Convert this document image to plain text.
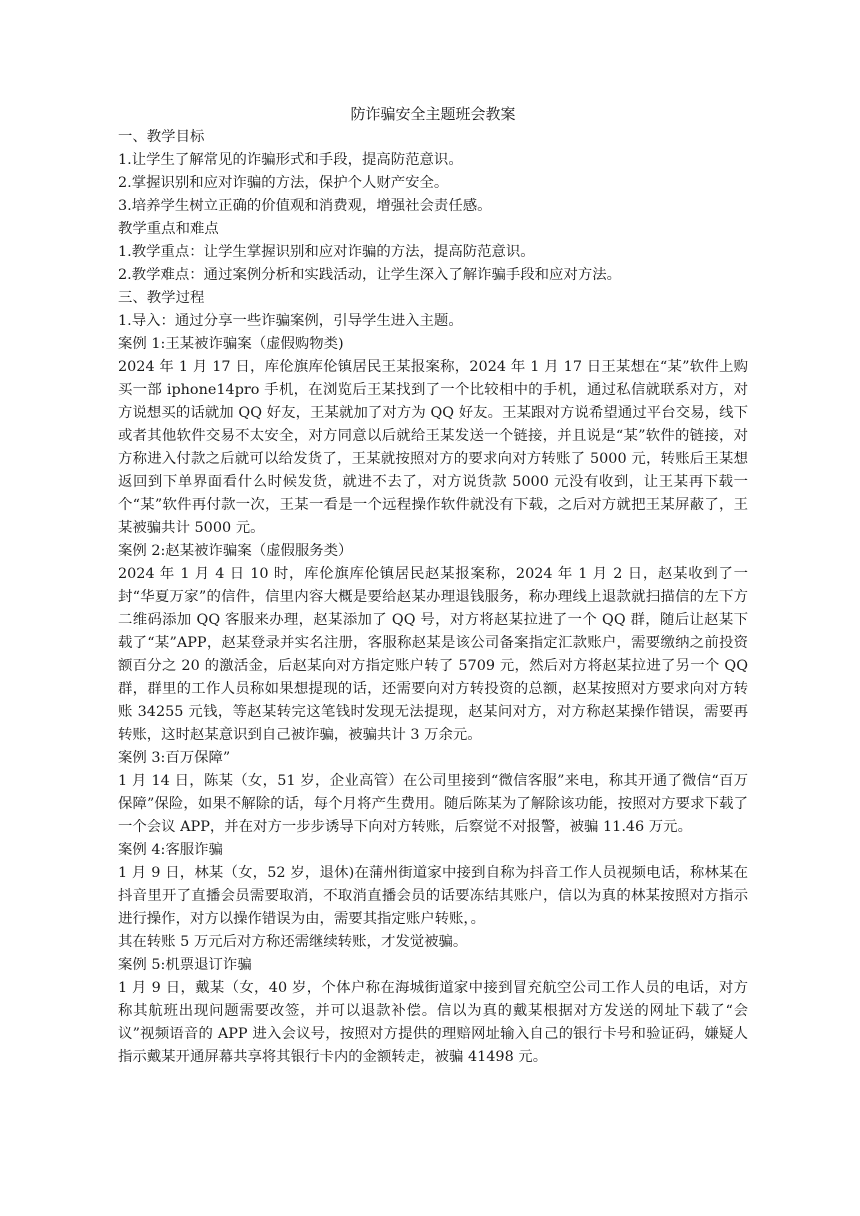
防诈骗安全主题班会教案

一、教学目标

1.让学生了解常见的诈骗形式和手段，提高防范意识。

2.掌握识别和应对诈骗的方法，保护个人财产安全。

3.培养学生树立正确的价值观和消费观，增强社会责任感。

教学重点和难点

1.教学重点：让学生掌握识别和应对诈骗的方法，提高防范意识。

2.教学难点：通过案例分析和实践活动，让学生深入了解诈骗手段和应对方法。

三、教学过程

1.导入：通过分享一些诈骗案例，引导学生进入主题。

案例 1:王某被诈骗案（虚假购物类)

2024 年 1 月 17 日，库伦旗库伦镇居民王某报案称，2024 年 1 月 17 日王某想在“某”软件上购买一部 iphone14pro 手机，在浏览后王某找到了一个比较相中的手机，通过私信就联系对方，对方说想买的话就加 QQ 好友，王某就加了对方为 QQ 好友。王某跟对方说希望通过平台交易，线下或者其他软件交易不太安全，对方同意以后就给王某发送一个链接，并且说是“某”软件的链接，对方称进入付款之后就可以给发货了，王某就按照对方的要求向对方转账了 5000 元，转账后王某想返回到下单界面看什么时候发货，就进不去了，对方说货款 5000 元没有收到，让王某再下载一个“某”软件再付款一次，王某一看是一个远程操作软件就没有下载，之后对方就把王某屏蔽了，王某被骗共计 5000 元。

案例 2:赵某被诈骗案（虚假服务类）

2024 年 1 月 4 日 10 时，库伦旗库伦镇居民赵某报案称，2024 年 1 月 2 日，赵某收到了一封“华夏万家”的信件，信里内容大概是要给赵某办理退钱服务，称办理线上退款就扫描信的左下方二维码添加 QQ 客服来办理，赵某添加了 QQ 号，对方将赵某拉进了一个 QQ 群，随后让赵某下载了“某”APP，赵某登录并实名注册，客服称赵某是该公司备案指定汇款账户，需要缴纳之前投资额百分之 20 的激活金，后赵某向对方指定账户转了 5709 元，然后对方将赵某拉进了另一个 QQ 群，群里的工作人员称如果想提现的话，还需要向对方转投资的总额，赵某按照对方要求向对方转账 34255 元钱，等赵某转完这笔钱时发现无法提现，赵某问对方，对方称赵某操作错误，需要再转账，这时赵某意识到自己被诈骗，被骗共计 3 万余元。

案例 3:百万保障”

1 月 14 日，陈某（女，51 岁，企业高管）在公司里接到“微信客服”来电，称其开通了微信“百万保障”保险，如果不解除的话，每个月将产生费用。随后陈某为了解除该功能，按照对方要求下载了一个会议 APP，并在对方一步步诱导下向对方转账，后察觉不对报警，被骗 11.46 万元。

案例 4:客服诈骗

1 月 9 日，林某（女，52 岁，退休)在蒲州街道家中接到自称为抖音工作人员视频电话，称林某在抖音里开了直播会员需要取消，不取消直播会员的话要冻结其账户，信以为真的林某按照对方指示进行操作，对方以操作错误为由，需要其指定账户转账，。

其在转账 5 万元后对方称还需继续转账，才发觉被骗。

案例 5:机票退订诈骗

1 月 9 日，戴某（女，40 岁，个体户称在海城街道家中接到冒充航空公司工作人员的电话，对方称其航班出现问题需要改签，并可以退款补偿。信以为真的戴某根据对方发送的网址下载了“会议”视频语音的 APP 进入会议号，按照对方提供的理赔网址输入自己的银行卡号和验证码，嫌疑人指示戴某开通屏幕共享将其银行卡内的金额转走，被骗 41498 元。
